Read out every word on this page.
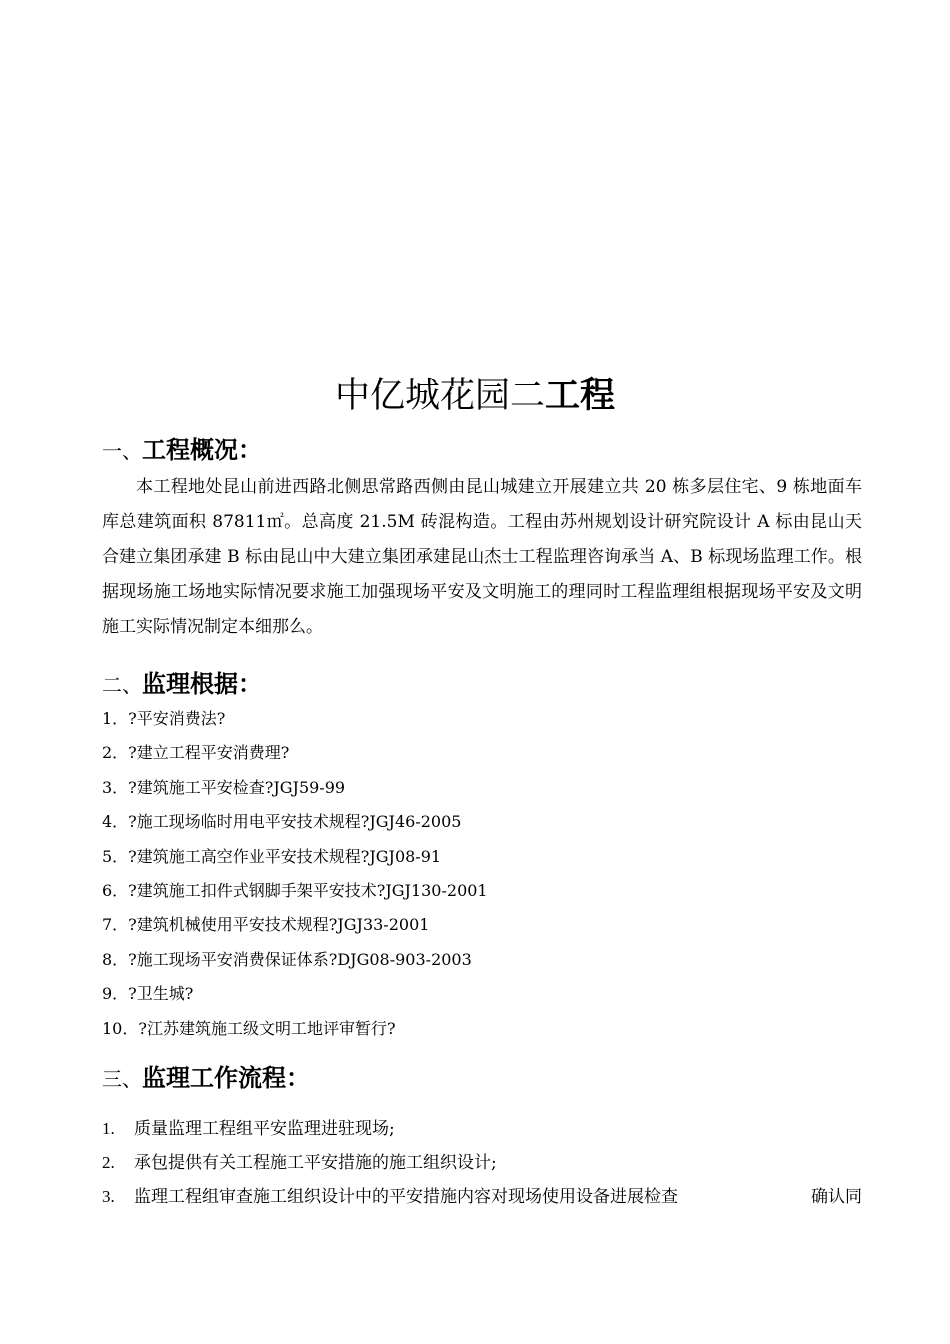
中亿城花园二工程
一、工程概况：

本工程地处昆山前进西路北侧思常路西侧由昆山城建立开展建立共 20 栋多层住宅、9 栋地面车库总建筑面积 87811㎡。总高度 21.5M 砖混构造。工程由苏州规划设计研究院设计 A 标由昆山天合建立集团承建 B 标由昆山中大建立集团承建昆山杰士工程监理咨询承当 A、B 标现场监理工作。根据现场施工场地实际情况要求施工加强现场平安及文明施工的理同时工程监理组根据现场平安及文明施工实际情况制定本细那么。

二、监理根据：
1．?平安消费法?
2．?建立工程平安消费理?
3．?建筑施工平安检查?JGJ59-99
4．?施工现场临时用电平安技术规程?JGJ46-2005
5．?建筑施工高空作业平安技术规程?JGJ08-91
6．?建筑施工扣件式钢脚手架平安技术?JGJ130-2001
7．?建筑机械使用平安技术规程?JGJ33-2001
8．?施工现场平安消费保证体系?DJG08-903-2003
9．?卫生城?
10．?江苏建筑施工级文明工地评审暂行?
三、监理工作流程：
1. 质量监理工程组平安监理进驻现场;
2. 承包提供有关工程施工平安措施的施工组织设计;
3. 监理工程组审查施工组织设计中的平安措施内容对现场使用设备进展检查	确认同
